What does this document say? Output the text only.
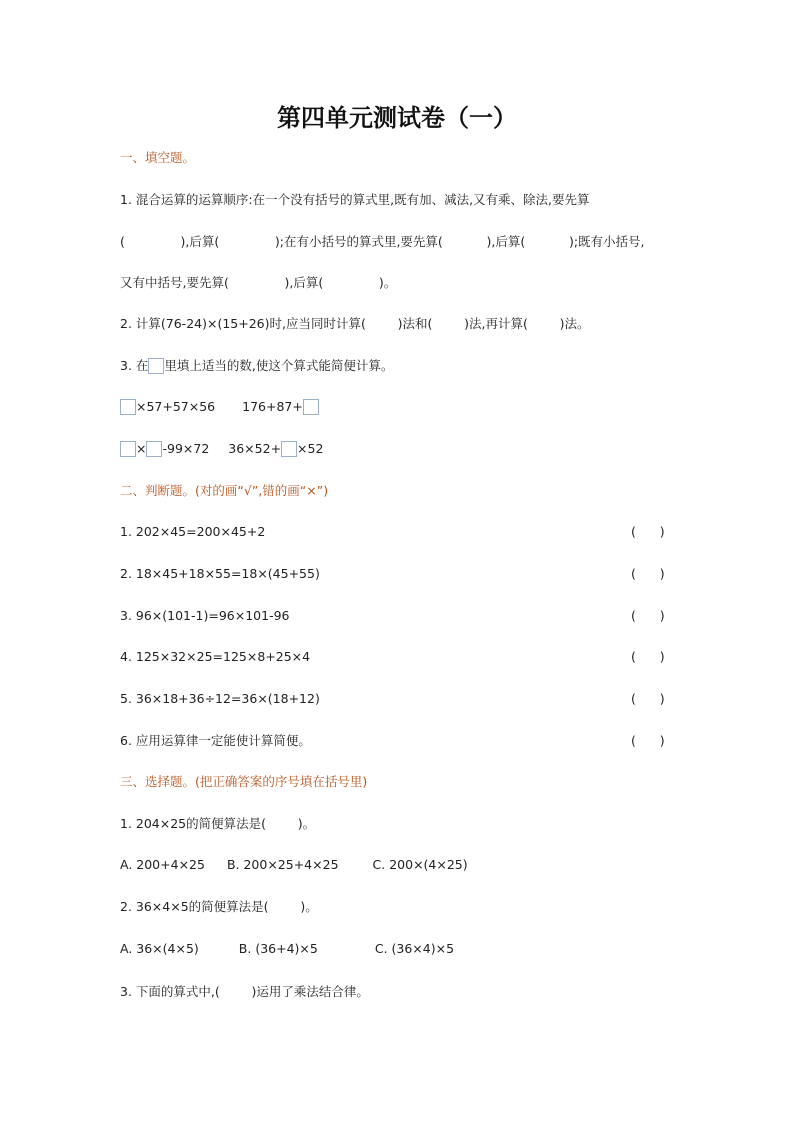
第四单元测试卷（一）
一、填空题。
1. 混合运算的运算顺序:在一个没有括号的算式里,既有加、减法,又有乘、除法,要先算
(              ),后算(              );在有小括号的算式里,要先算(           ),后算(           );既有小括号,
又有中括号,要先算(              ),后算(              )。
2. 计算(76-24)×(15+26)时,应当同时计算(        )法和(        )法,再计算(        )法。
3. 在 里填上适当的数,使这个算式能简便计算。
×57+57×56 176+87+
× -99×72 36×52+ ×52
二、判断题。(对的画“√”,错的画“×”)
1. 202×45=200×45+2	(      )
2. 18×45+18×55=18×(45+55)	(      )
3. 96×(101-1)=96×101-96	(      )
4. 125×32×25=125×8+25×4	(      )
5. 36×18+36÷12=36×(18+12)	(      )
6. 应用运算律一定能使计算简便。	(      )
三、选择题。(把正确答案的序号填在括号里)
1. 204×25的简便算法是(        )。
A. 200+4×25 B. 200×25+4×25	C. 200×(4×25)
2. 36×4×5的简便算法是(        )。
A. 36×(4×5)	B. (36+4)×5	C. (36×4)×5
3. 下面的算式中,(        )运用了乘法结合律。
